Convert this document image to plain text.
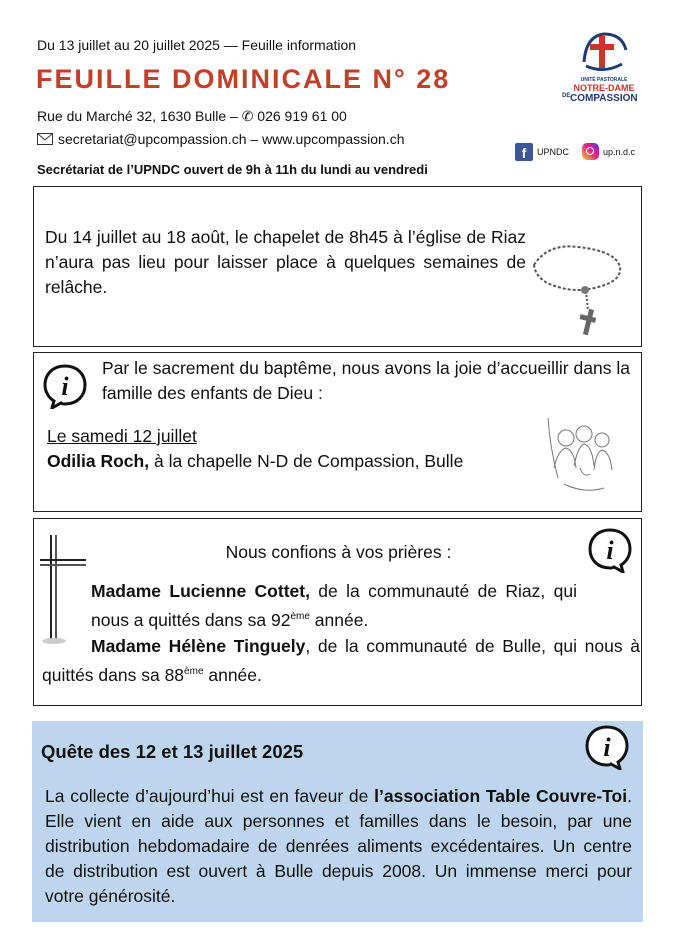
Du 13 juillet au 20 juillet 2025 — Feuille information
FEUILLE DOMINICALE N° 28
Rue du Marché 32, 1630 Bulle – ✆ 026 919 61 00
secretariat@upcompassion.ch – www.upcompassion.ch
Secrétariat de l’UPNDC ouvert de 9h à 11h du lundi au vendredi
UNITÉ PASTORALE
NOTRE-DAME
DE COMPASSION
f	UPNDC	up.n.d.c
Du 14 juillet au 18 août, le chapelet de 8h45 à l’église de Riaz n’aura pas lieu pour laisser place à quelques semaines de relâche.
i
Par le sacrement du baptême, nous avons la joie d’accueillir dans la famille des enfants de Dieu :
Le samedi 12 juillet
Odilia Roch, à la chapelle N-D de Compassion, Bulle
i
Nous confions à vos prières :
Madame Lucienne Cottet, de la communauté de Riaz, qui nous a quittés dans sa 92ème année.
Madame Hélène Tinguely, de la communauté de Bulle, qui nous à quittés dans sa 88ème année.
Quête des 12 et 13 juillet 2025	i
La collecte d’aujourd’hui est en faveur de l’association Table Couvre-Toi. Elle vient en aide aux personnes et familles dans le besoin, par une distribution hebdomadaire de denrées aliments excédentaires. Un centre de distribution est ouvert à Bulle depuis 2008. Un immense merci pour votre générosité.
